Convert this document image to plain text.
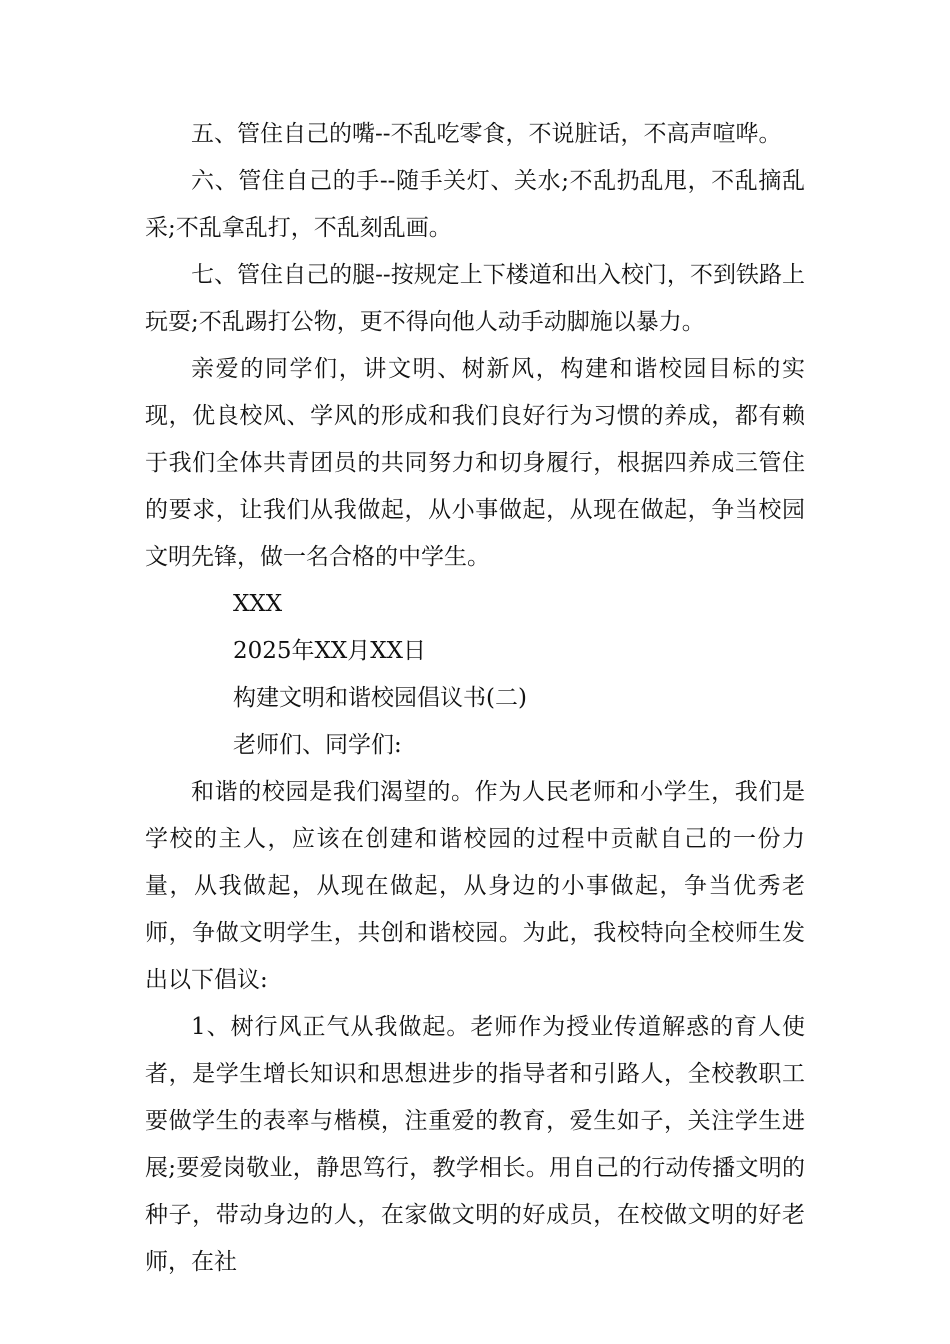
五、管住自己的嘴--不乱吃零食，不说脏话，不高声喧哗。

六、管住自己的手--随手关灯、关水;不乱扔乱甩，不乱摘乱采;不乱拿乱打，不乱刻乱画。

七、管住自己的腿--按规定上下楼道和出入校门，不到铁路上玩耍;不乱踢打公物，更不得向他人动手动脚施以暴力。

亲爱的同学们，讲文明、树新风，构建和谐校园目标的实现，优良校风、学风的形成和我们良好行为习惯的养成，都有赖于我们全体共青团员的共同努力和切身履行，根据四养成三管住的要求，让我们从我做起，从小事做起，从现在做起，争当校园文明先锋，做一名合格的中学生。

XXX

2025年XX月XX日

构建文明和谐校园倡议书(二)

老师们、同学们:

和谐的校园是我们渴望的。作为人民老师和小学生，我们是学校的主人，应该在创建和谐校园的过程中贡献自己的一份力量，从我做起，从现在做起，从身边的小事做起，争当优秀老师，争做文明学生，共创和谐校园。为此，我校特向全校师生发出以下倡议:

1、树行风正气从我做起。老师作为授业传道解惑的育人使者，是学生增长知识和思想进步的指导者和引路人，全校教职工要做学生的表率与楷模，注重爱的教育，爱生如子，关注学生进展;要爱岗敬业，静思笃行，教学相长。用自己的行动传播文明的种子，带动身边的人，在家做文明的好成员，在校做文明的好老师，在社
